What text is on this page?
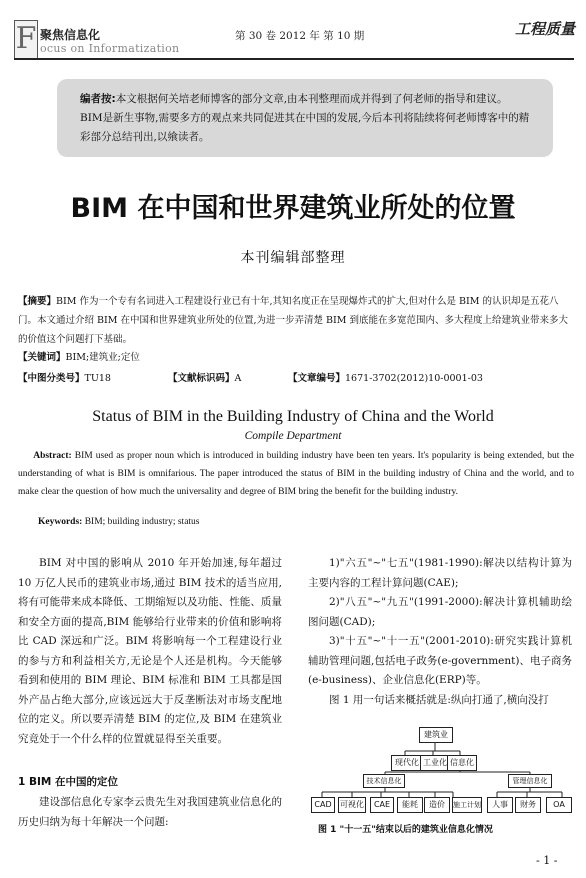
F 聚焦信息化
ocus on Informatization
第 30 卷 2012 年 第 10 期	工程质量
编者按:本文根据何关培老师博客的部分文章,由本刊整理而成并得到了何老师的指导和建议。BIM是新生事物,需要多方的观点来共同促进其在中国的发展,今后本刊将陆续将何老师博客中的精彩部分总结刊出,以飨读者。
BIM 在中国和世界建筑业所处的位置
本刊编辑部整理
【摘要】BIM 作为一个专有名词进入工程建设行业已有十年,其知名度正在呈现爆炸式的扩大,但对什么是 BIM 的认识却是五花八门。本文通过介绍 BIM 在中国和世界建筑业所处的位置,为进一步弄清楚 BIM 到底能在多宽范围内、多大程度上给建筑业带来多大的价值这个问题打下基础。
【关键词】BIM;建筑业;定位
【中图分类号】TU18	【文献标识码】A	【文章编号】1671-3702(2012)10-0001-03
Status of BIM in the Building Industry of China and the World
Compile Department
Abstract: BIM used as proper noun which is introduced in building industry have been ten years. It's popularity is being extended, but the understanding of what is BIM is omnifarious. The paper introduced the status of BIM in the building industry of China and the world, and to make clear the question of how much the universality and degree of BIM bring the benefit for the building industry.
Keywords: BIM; building industry; status
BIM 对中国的影响从 2010 年开始加速,每年超过 10 万亿人民币的建筑业市场,通过 BIM 技术的适当应用,将有可能带来成本降低、工期缩短以及功能、性能、质量和安全方面的提高,BIM 能够给行业带来的价值和影响将比 CAD 深远和广泛。BIM 将影响每一个工程建设行业的参与方和利益相关方,无论是个人还是机构。今天能够看到和使用的 BIM 理论、BIM 标准和 BIM 工具都是国外产品占绝大部分,应该远远大于反垄断法对市场支配地位的定义。所以要弄清楚 BIM 的定位,及 BIM 在建筑业究竟处于一个什么样的位置就显得至关重要。
1 BIM 在中国的定位
建设部信息化专家李云贵先生对我国建筑业信息化的历史归纳为每十年解决一个问题:
1)"六五"~"七五"(1981-1990):解决以结构计算为主要内容的工程计算问题(CAE);
2)"八五"~"九五"(1991-2000):解决计算机辅助绘图问题(CAD);
3)"十五"~"十一五"(2001-2010):研究实践计算机辅助管理问题,包括电子政务(e-government)、电子商务(e-business)、企业信息化(ERP)等。
图 1 用一句话来概括就是:纵向打通了,横向没打
建筑业
现代化 工业化 信息化
技术信息化	管理信息化
CAD	可视化	CAE	能耗	造价	施工计划	人事	财务	OA
图 1 "十一五"结束以后的建筑业信息化情况
- 1 -
